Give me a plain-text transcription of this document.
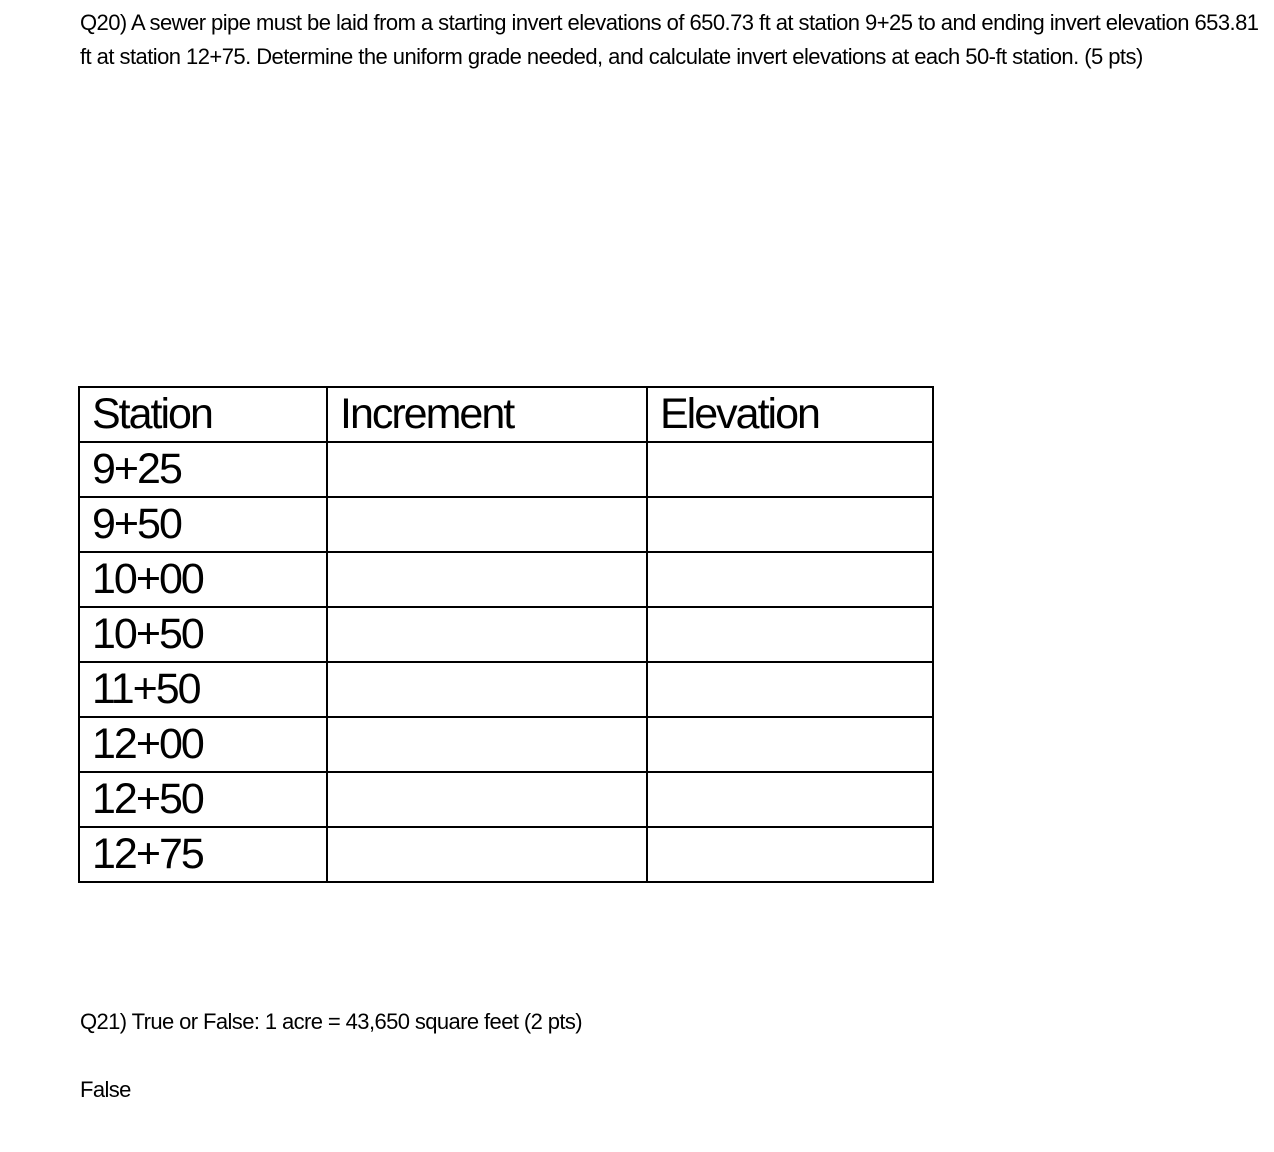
Q20) A sewer pipe must be laid from a starting invert elevations of 650.73 ft at station 9+25 to and ending invert elevation 653.81 ft at station 12+75. Determine the uniform grade needed, and calculate invert elevations at each 50-ft station. (5 pts)

Station	Increment	Elevation
9+25		
9+50		
10+00		
10+50		
11+50		
12+00		
12+50		
12+75		

Q21) True or False: 1 acre = 43,650 square feet (2 pts)

False
